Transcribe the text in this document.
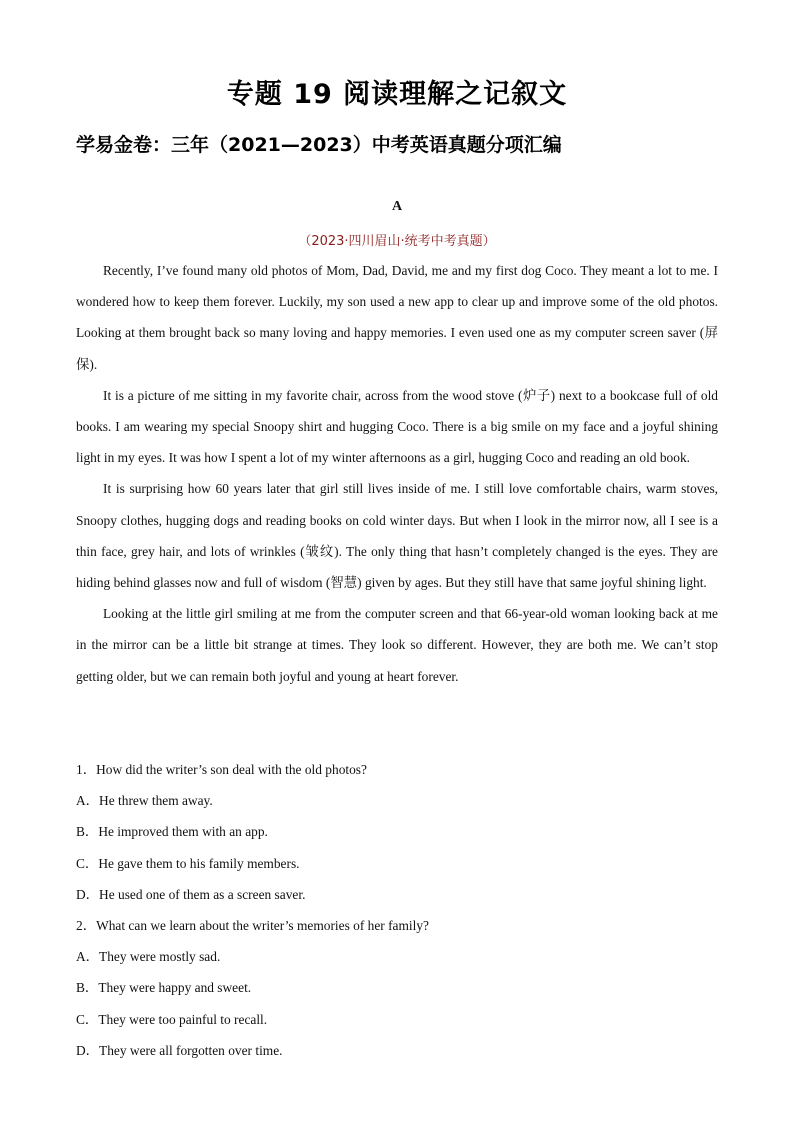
专题 19 阅读理解之记叙文
学易金卷：三年（2021—2023）中考英语真题分项汇编
A
（2023·四川眉山·统考中考真题）

Recently, I’ve found many old photos of Mom, Dad, David, me and my first dog Coco. They meant a lot to me. I wondered how to keep them forever. Luckily, my son used a new app to clear up and improve some of the old photos. Looking at them brought back so many loving and happy memories. I even used one as my computer screen saver (屏保).

It is a picture of me sitting in my favorite chair, across from the wood stove (炉子) next to a bookcase full of old books. I am wearing my special Snoopy shirt and hugging Coco. There is a big smile on my face and a joyful shining light in my eyes. It was how I spent a lot of my winter afternoons as a girl, hugging Coco and reading an old book.

It is surprising how 60 years later that girl still lives inside of me. I still love comfortable chairs, warm stoves, Snoopy clothes, hugging dogs and reading books on cold winter days. But when I look in the mirror now, all I see is a thin face, grey hair, and lots of wrinkles (皱纹). The only thing that hasn’t completely changed is the eyes. They are hiding behind glasses now and full of wisdom (智慧) given by ages. But they still have that same joyful shining light.

Looking at the little girl smiling at me from the computer screen and that 66-year-old woman looking back at me in the mirror can be a little bit strange at times. They look so different. However, they are both me. We can’t stop getting older, but we can remain both joyful and young at heart forever.

1．How did the writer’s son deal with the old photos?
A．He threw them away.
B．He improved them with an app.
C．He gave them to his family members.
D．He used one of them as a screen saver.
2．What can we learn about the writer’s memories of her family?
A．They were mostly sad.
B．They were happy and sweet.
C．They were too painful to recall.
D．They were all forgotten over time.
